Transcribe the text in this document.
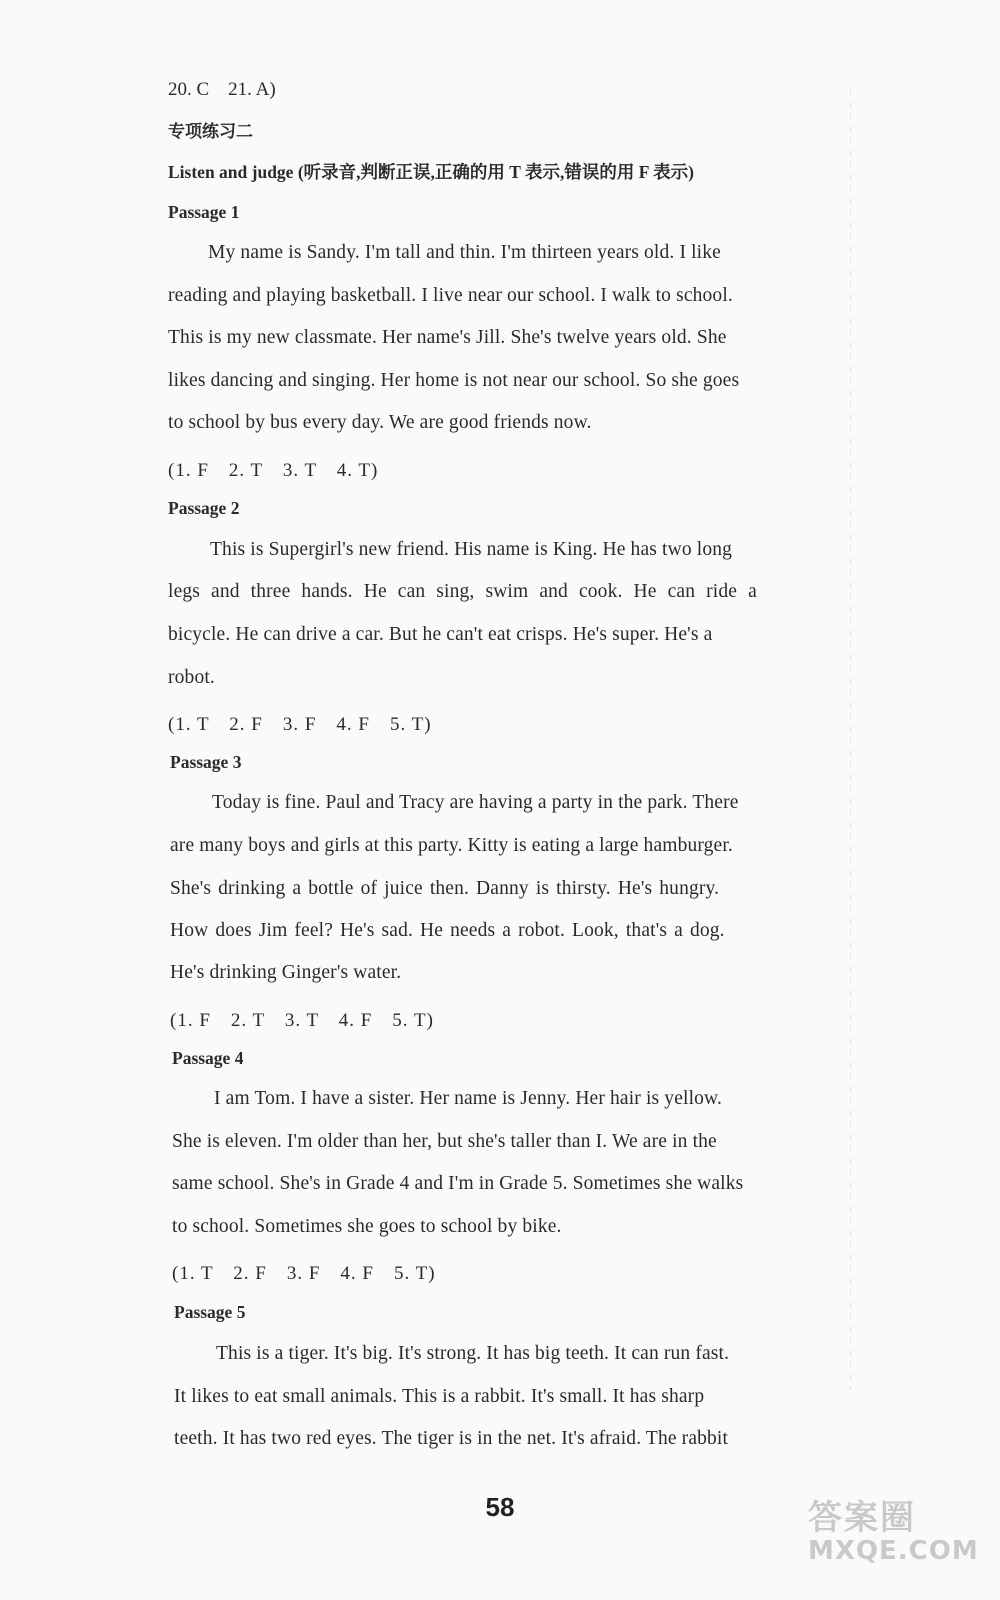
20. C　21. A)
专项练习二
Listen and judge (听录音,判断正误,正确的用 T 表示,错误的用 F 表示)
Passage 1
My name is Sandy. I'm tall and thin. I'm thirteen years old. I like
reading and playing basketball. I live near our school. I walk to school.
This is my new classmate. Her name's Jill. She's twelve years old. She
likes dancing and singing. Her home is not near our school. So she goes
to school by bus every day. We are good friends now.
(1. F　2. T　3. T　4. T)
Passage 2
This is Supergirl's new friend. His name is King. He has two long
legs and three hands. He can sing, swim and cook. He can ride a
bicycle. He can drive a car. But he can't eat crisps. He's super. He's a
robot.
(1. T　2. F　3. F　4. F　5. T)
Passage 3
Today is fine. Paul and Tracy are having a party in the park. There
are many boys and girls at this party. Kitty is eating a large hamburger.
She's drinking a bottle of juice then. Danny is thirsty. He's hungry.
How does Jim feel? He's sad. He needs a robot. Look, that's a dog.
He's drinking Ginger's water.
(1. F　2. T　3. T　4. F　5. T)
Passage 4
I am Tom. I have a sister. Her name is Jenny. Her hair is yellow.
She is eleven. I'm older than her, but she's taller than I. We are in the
same school. She's in Grade 4 and I'm in Grade 5. Sometimes she walks
to school. Sometimes she goes to school by bike.
(1. T　2. F　3. F　4. F　5. T)
Passage 5
This is a tiger. It's big. It's strong. It has big teeth. It can run fast.
It likes to eat small animals. This is a rabbit. It's small. It has sharp
teeth. It has two red eyes. The tiger is in the net. It's afraid. The rabbit
58	答案圈
MXQE.COM
